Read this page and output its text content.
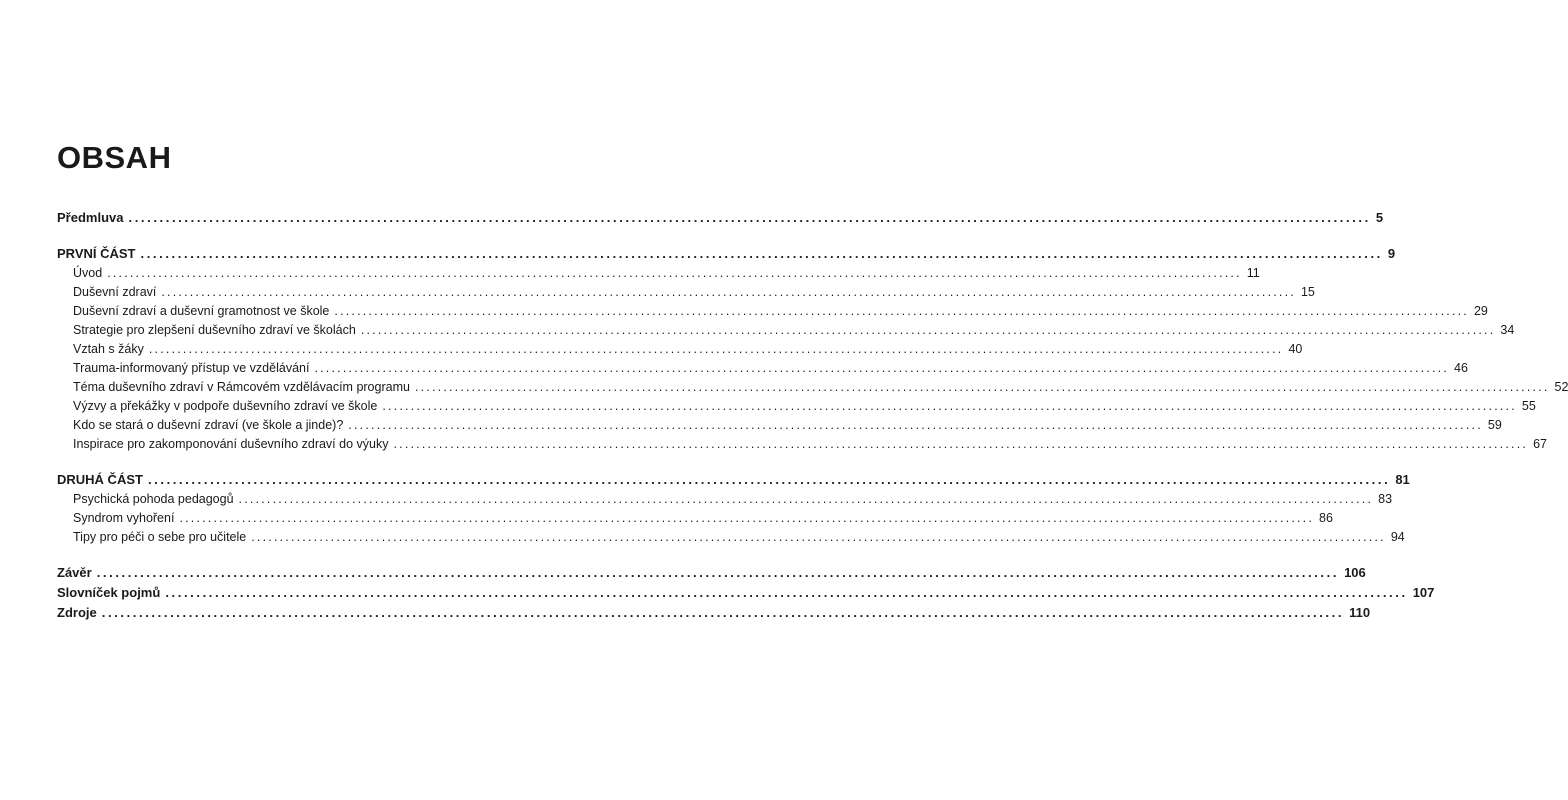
OBSAH
Předmluva ........................................................................................................................................................................................................ 5
PRVNÍ ČÁST ........................................................................................................................................................................................................ 9
Úvod ........................................................................................................................................................................................................ 11
Duševní zdraví ........................................................................................................................................................................................................ 15
Duševní zdraví a duševní gramotnost ve škole ........................................................................................................................................................................................................ 29
Strategie pro zlepšení duševního zdraví ve školách ........................................................................................................................................................................................................ 34
Vztah s žáky ........................................................................................................................................................................................................ 40
Trauma-informovaný přístup ve vzdělávání ........................................................................................................................................................................................................ 46
Téma duševního zdraví v Rámcovém vzdělávacím programu ........................................................................................................................................................................................................ 52
Výzvy a překážky v podpoře duševního zdraví ve škole ........................................................................................................................................................................................................ 55
Kdo se stará o duševní zdraví (ve škole a jinde)? ........................................................................................................................................................................................................ 59
Inspirace pro zakomponování duševního zdraví do výuky ........................................................................................................................................................................................................ 67
DRUHÁ ČÁST ........................................................................................................................................................................................................ 81
Psychická pohoda pedagogů ........................................................................................................................................................................................................ 83
Syndrom vyhoření ........................................................................................................................................................................................................ 86
Tipy pro péči o sebe pro učitele ........................................................................................................................................................................................................ 94
Závěr ........................................................................................................................................................................................................ 106
Slovníček pojmů ........................................................................................................................................................................................................ 107
Zdroje ........................................................................................................................................................................................................ 110
